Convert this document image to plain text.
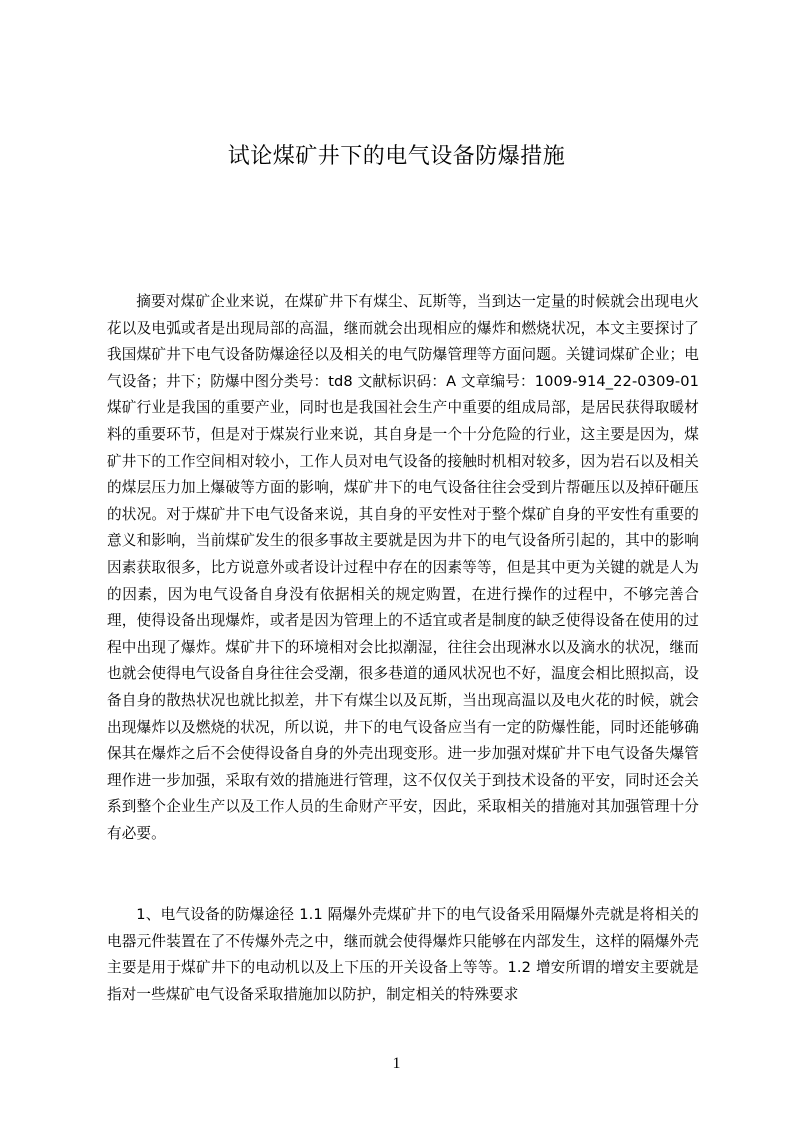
试论煤矿井下的电气设备防爆措施

摘要对煤矿企业来说，在煤矿井下有煤尘、瓦斯等，当到达一定量的时候就会出现电火花以及电弧或者是出现局部的高温，继而就会出现相应的爆炸和燃烧状况，本文主要探讨了我国煤矿井下电气设备防爆途径以及相关的电气防爆管理等方面问题。关键词煤矿企业；电气设备；井下；防爆中图分类号：td8 文献标识码：A 文章编号：1009-914_22-0309-01 煤矿行业是我国的重要产业，同时也是我国社会生产中重要的组成局部，是居民获得取暖材料的重要环节，但是对于煤炭行业来说，其自身是一个十分危险的行业，这主要是因为，煤矿井下的工作空间相对较小，工作人员对电气设备的接触时机相对较多，因为岩石以及相关的煤层压力加上爆破等方面的影响，煤矿井下的电气设备往往会受到片帮砸压以及掉矸砸压的状况。对于煤矿井下电气设备来说，其自身的平安性对于整个煤矿自身的平安性有重要的意义和影响，当前煤矿发生的很多事故主要就是因为井下的电气设备所引起的，其中的影响因素获取很多，比方说意外或者设计过程中存在的因素等等，但是其中更为关键的就是人为的因素，因为电气设备自身没有依据相关的规定购置，在进行操作的过程中，不够完善合理，使得设备出现爆炸，或者是因为管理上的不适宜或者是制度的缺乏使得设备在使用的过程中出现了爆炸。煤矿井下的环境相对会比拟潮湿，往往会出现淋水以及滴水的状况，继而也就会使得电气设备自身往往会受潮，很多巷道的通风状况也不好，温度会相比照拟高，设备自身的散热状况也就比拟差，井下有煤尘以及瓦斯，当出现高温以及电火花的时候，就会出现爆炸以及燃烧的状况，所以说，井下的电气设备应当有一定的防爆性能，同时还能够确保其在爆炸之后不会使得设备自身的外壳出现变形。进一步加强对煤矿井下电气设备失爆管理作进一步加强，采取有效的措施进行管理，这不仅仅关于到技术设备的平安，同时还会关系到整个企业生产以及工作人员的生命财产平安，因此，采取相关的措施对其加强管理十分有必要。

1、电气设备的防爆途径 1.1 隔爆外壳煤矿井下的电气设备采用隔爆外壳就是将相关的电器元件装置在了不传爆外壳之中，继而就会使得爆炸只能够在内部发生，这样的隔爆外壳主要是用于煤矿井下的电动机以及上下压的开关设备上等等。1.2 增安所谓的增安主要就是指对一些煤矿电气设备采取措施加以防护，制定相关的特殊要求

1
